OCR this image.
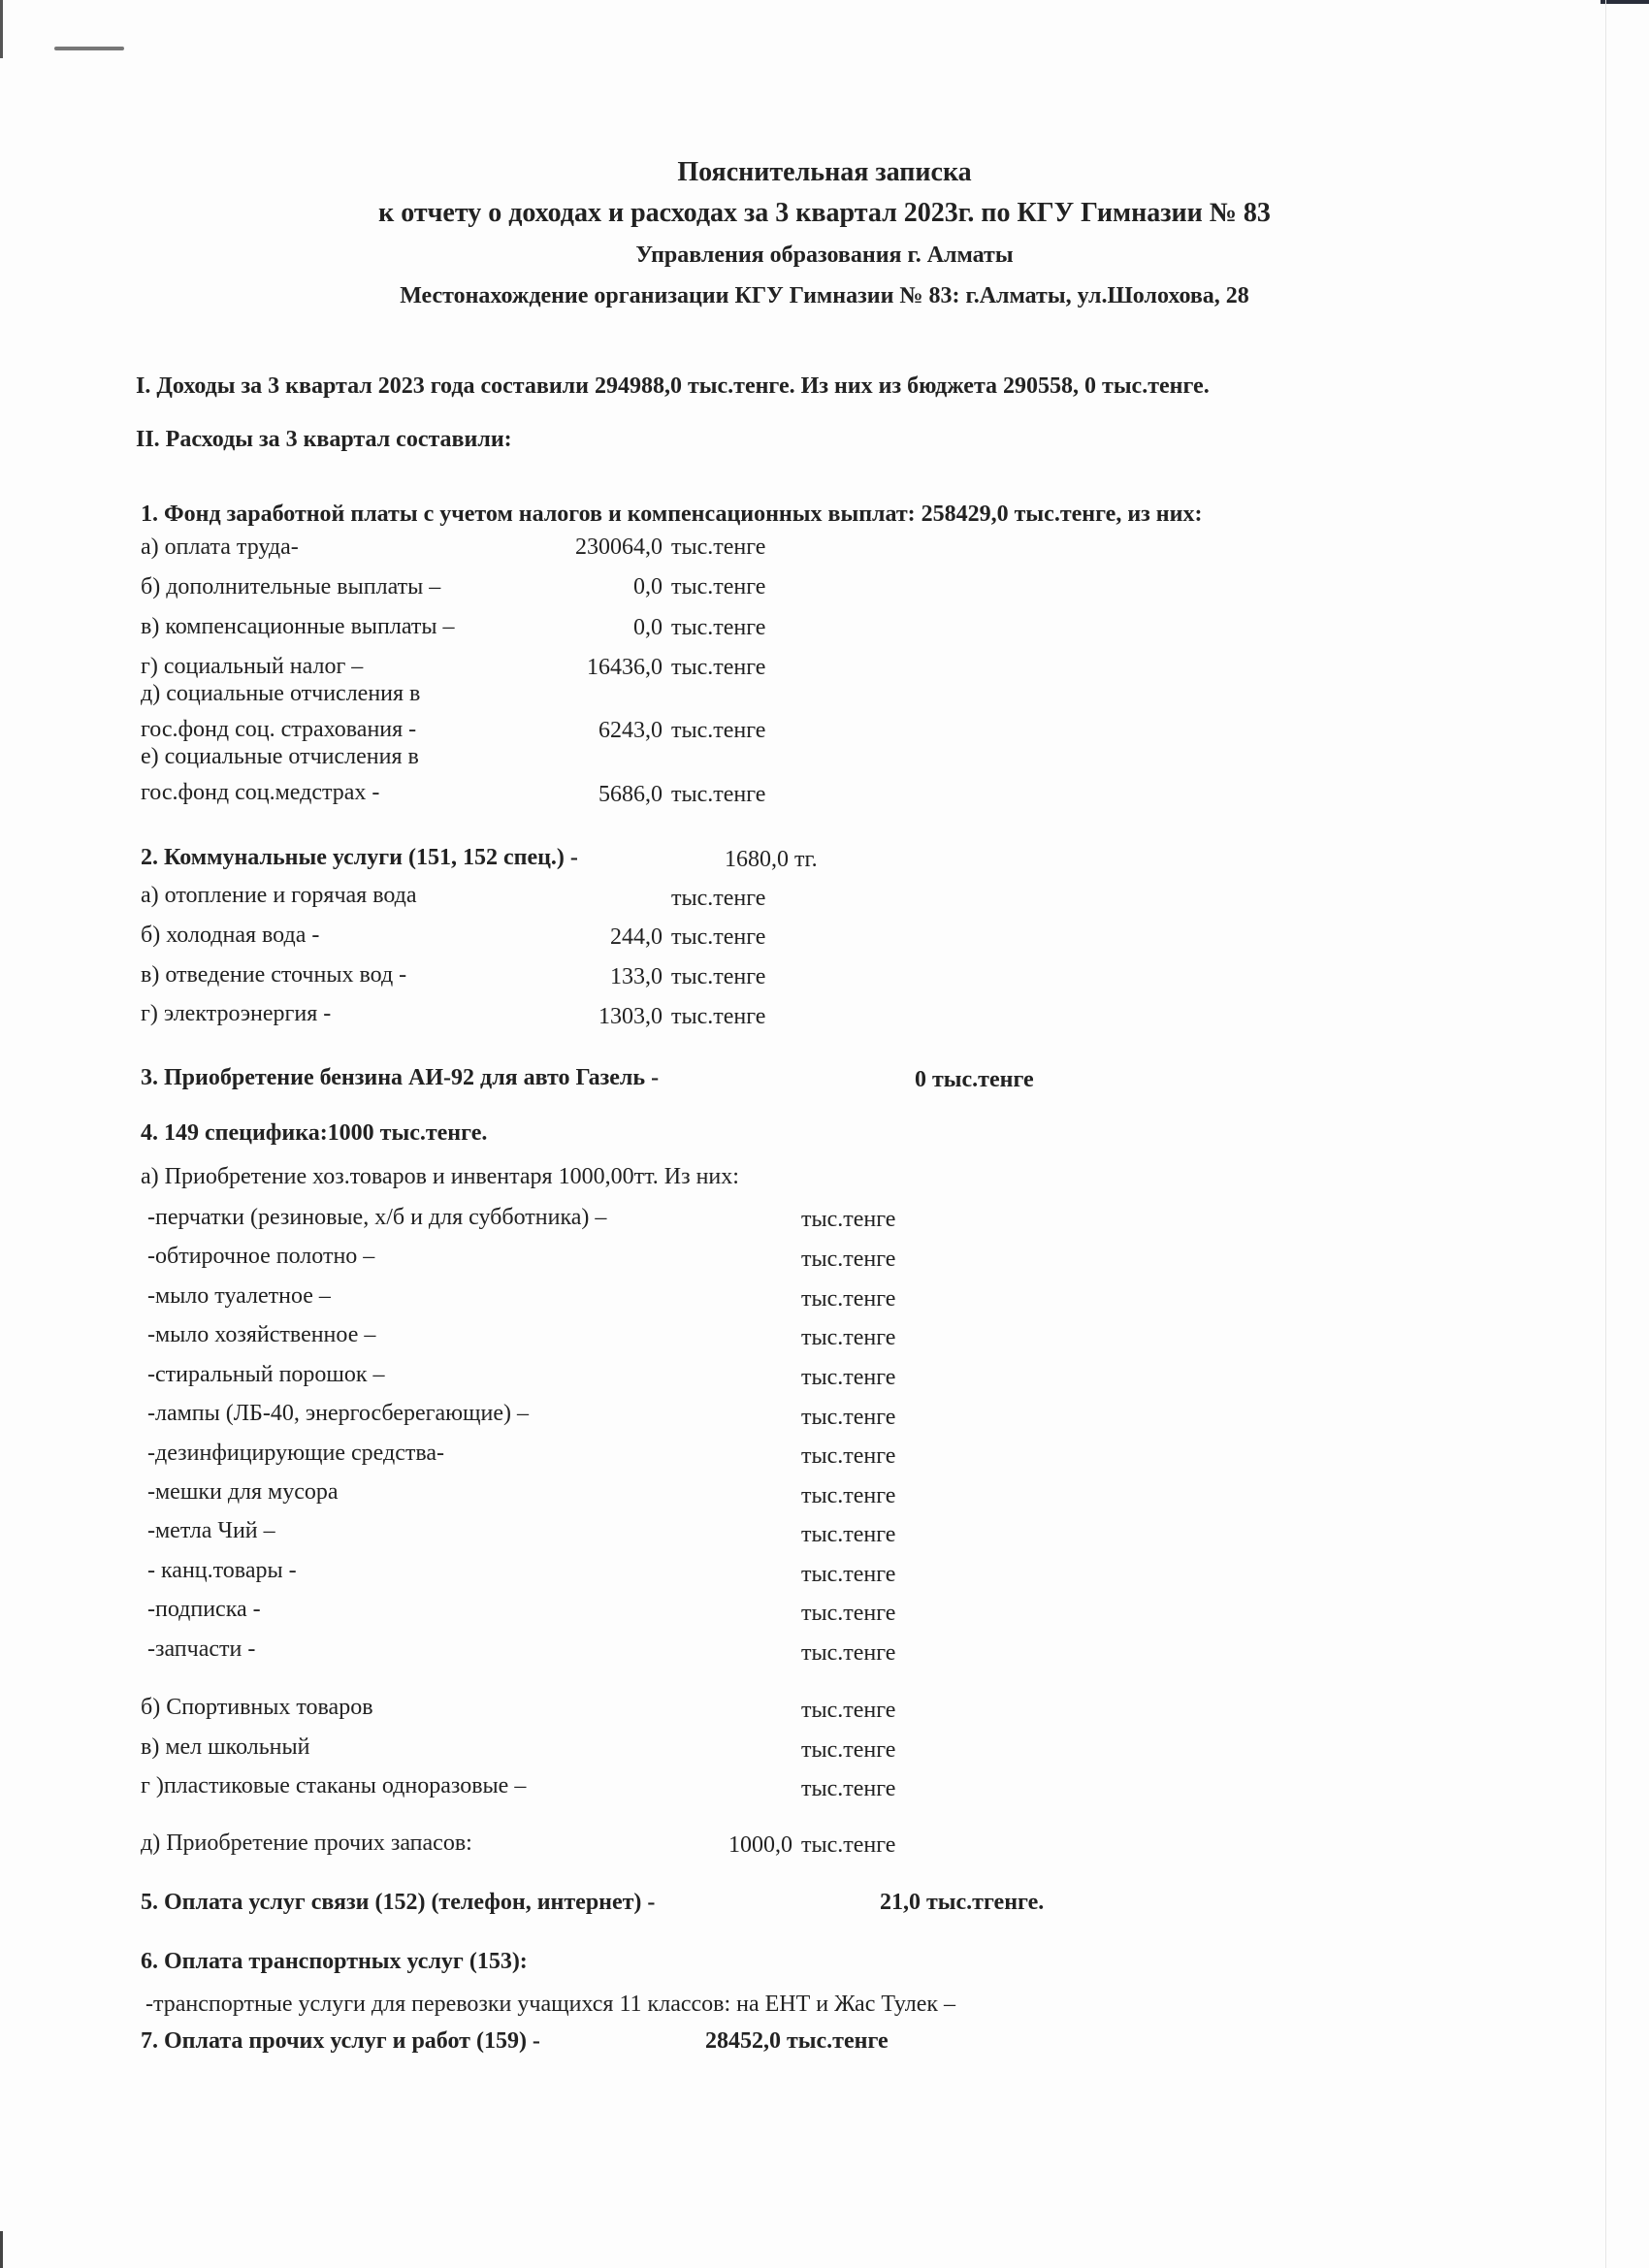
Пояснительная записка
к отчету о доходах и расходах за 3 квартал 2023г. по КГУ Гимназии № 83
Управления образования г. Алматы
Местонахождение организации КГУ Гимназии № 83: г.Алматы, ул.Шолохова, 28
I. Доходы за 3 квартал 2023 года составили 294988,0 тыс.тенге. Из них из бюджета 290558, 0 тыс.тенге.
II. Расходы за 3 квартал составили:
1. Фонд заработной платы с учетом налогов и компенсационных выплат: 258429,0 тыс.тенге, из них:
а) оплата труда-	230064,0 тыс.тенге
б) дополнительные выплаты –	0,0 тыс.тенге
в) компенсационные выплаты –	0,0 тыс.тенге
г) социальный налог –	16436,0 тыс.тенге
д) социальные отчисления в
гос.фонд соц. страхования -	6243,0 тыс.тенге
е) социальные отчисления в
гос.фонд соц.медстрах -	5686,0 тыс.тенге
2. Коммунальные услуги (151, 152 спец.) -	1680,0 тг.
а) отопление и горячая вода	тыс.тенге
б) холодная вода -	244,0 тыс.тенге
в) отведение сточных вод -	133,0 тыс.тенге
г) электроэнергия -	1303,0 тыс.тенге
3. Приобретение бензина АИ-92 для авто Газель -	0 тыс.тенге
4. 149 специфика:1000 тыс.тенге.
а) Приобретение хоз.товаров и инвентаря 1000,00тт. Из них:
-перчатки (резиновые, х/б и для субботника) –	тыс.тенге
-обтирочное полотно –	тыс.тенге
-мыло туалетное –	тыс.тенге
-мыло хозяйственное –	тыс.тенге
-стиральный порошок –	тыс.тенге
-лампы (ЛБ-40, энергосберегающие) –	тыс.тенге
-дезинфицирующие средства-	тыс.тенге
-мешки для мусора	тыс.тенге
-метла Чий –	тыс.тенге
- канц.товары -	тыс.тенге
-подписка -	тыс.тенге
-запчасти -	тыс.тенге
б) Спортивных товаров	тыс.тенге
в) мел школьный	тыс.тенге
г )пластиковые стаканы одноразовые –	тыс.тенге
д) Приобретение прочих запасов:	1000,0 тыс.тенге
5. Оплата услуг связи (152) (телефон, интернет) -	21,0 тыс.тгенге.
6. Оплата транспортных услуг (153):
-транспортные услуги для перевозки учащихся 11 классов: на ЕНТ и Жас Тулек –
7. Оплата прочих услуг и работ (159) -	28452,0 тыс.тенге
